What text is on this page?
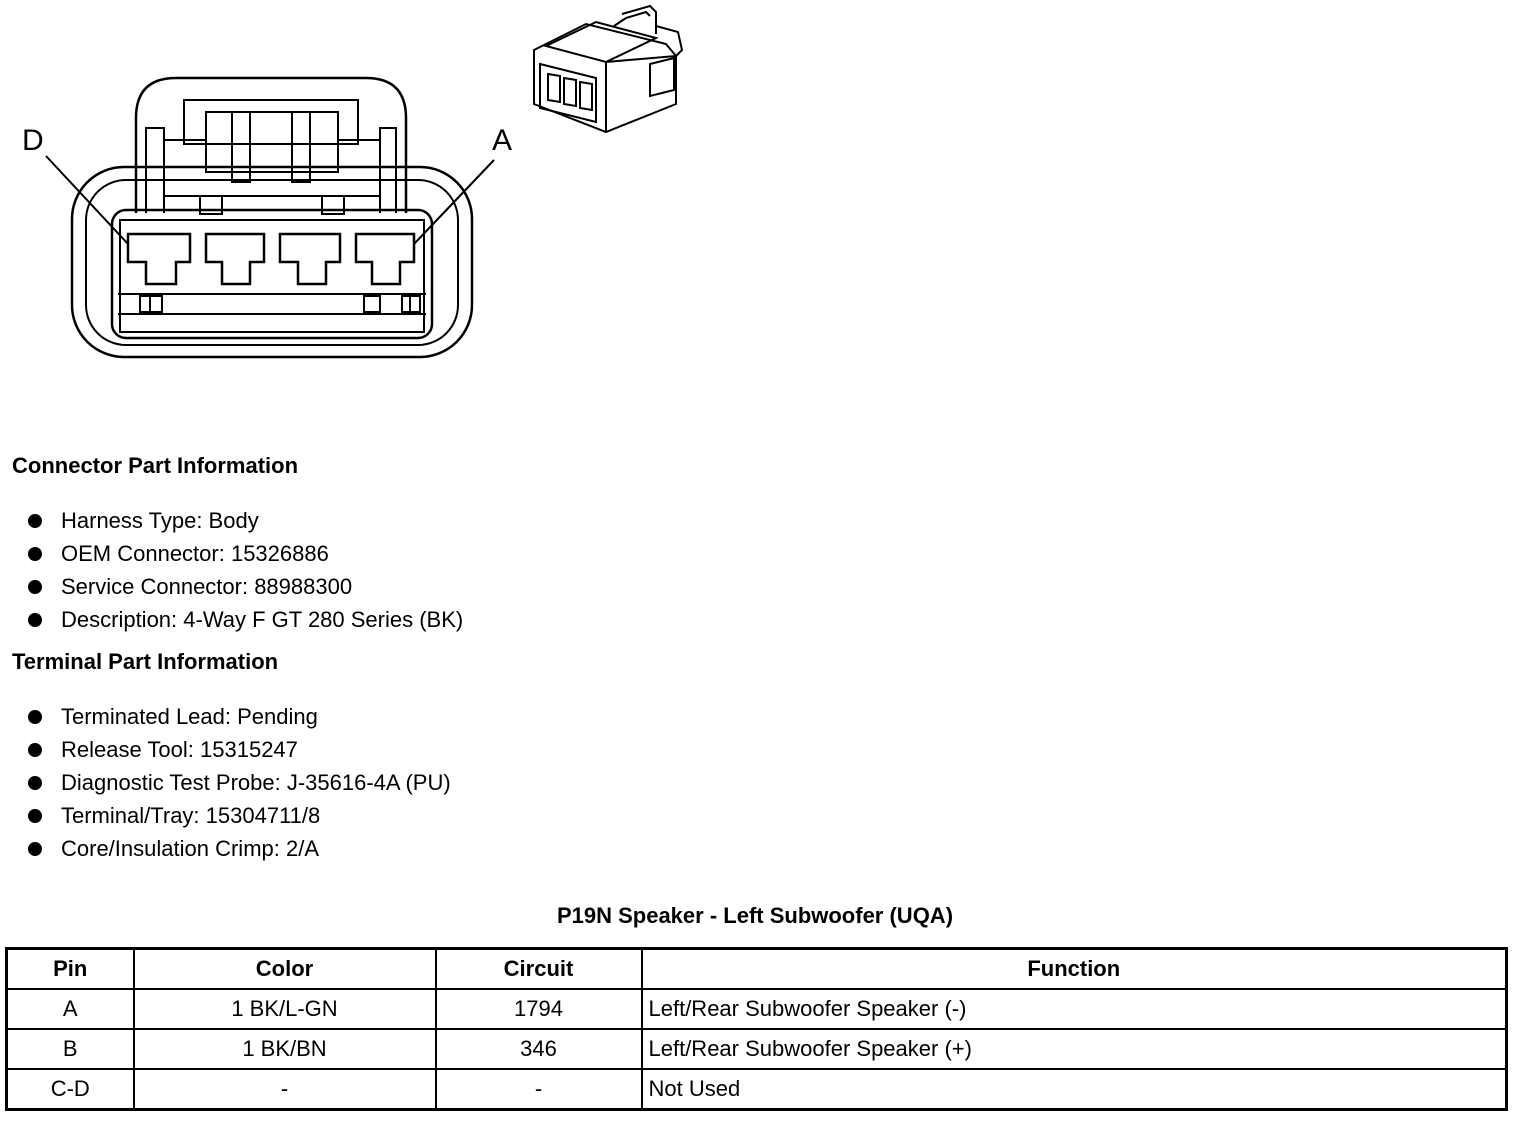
D	A
Connector Part Information
Harness Type: Body
OEM Connector: 15326886
Service Connector: 88988300
Description: 4-Way F GT 280 Series (BK)
Terminal Part Information
Terminated Lead: Pending
Release Tool: 15315247
Diagnostic Test Probe: J-35616-4A (PU)
Terminal/Tray: 15304711/8
Core/Insulation Crimp: 2/A
P19N Speaker - Left Subwoofer (UQA)
Pin	Color	Circuit	Function
A	1 BK/L-GN	1794	Left/Rear Subwoofer Speaker (-)
B	1 BK/BN	346	Left/Rear Subwoofer Speaker (+)
C-D	-	-	Not Used
